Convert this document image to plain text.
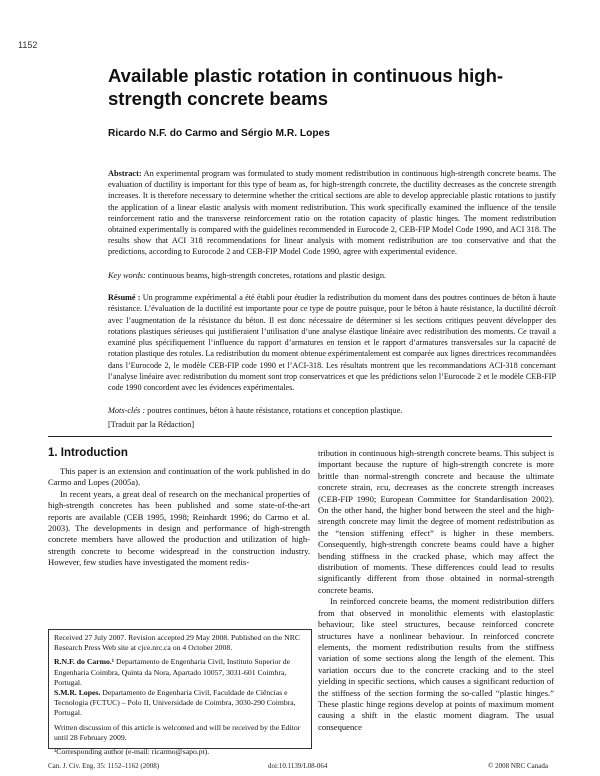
1152
Available plastic rotation in continuous high-strength concrete beams
Ricardo N.F. do Carmo and Sérgio M.R. Lopes
Abstract: An experimental program was formulated to study moment redistribution in continuous high-strength concrete beams. The evaluation of ductility is important for this type of beam as, for high-strength concrete, the ductility decreases as the concrete strength increases. It is therefore necessary to determine whether the critical sections are able to develop appreciable plastic rotations to justify the application of a linear elastic analysis with moment redistribution. This work specifically examined the influence of the tensile reinforcement ratio and the transverse reinforcement ratio on the rotation capacity of plastic hinges. The moment redistribution obtained experimentally is compared with the guidelines recommended in Eurocode 2, CEB-FIP Model Code 1990, and ACI 318. The results show that ACI 318 recommendations for linear analysis with moment redistribution are too conservative and that the predictions, according to Eurocode 2 and CEB-FIP Model Code 1990, agree with experimental evidence.
Key words: continuous beams, high-strength concretes, rotations and plastic design.
Résumé : Un programme expérimental a été établi pour étudier la redistribution du moment dans des poutres continues de béton à haute résistance. L’évaluation de la ductilité est importante pour ce type de poutre puisque, pour le béton à haute résistance, la ductilité décroît avec l’augmentation de la résistance du béton. Il est donc nécessaire de déterminer si les sections critiques peuvent développer des rotations plastiques sérieuses qui justifieraient l’utilisation d’une analyse élastique linéaire avec redistribution des moments. Ce travail a examiné plus spécifiquement l’influence du rapport d’armatures en tension et le rapport d’armatures transversales sur la capacité de rotation plastique des rotules. La redistribution du moment obtenue expérimentalement est comparée aux lignes directrices recommandées dans l’Eurocode 2, le modèle CEB-FIP code 1990 et l’ACI-318. Les résultats montrent que les recommandations ACI-318 concernant l’analyse linéaire avec redistribution du moment sont trop conservatrices et que les prédictions selon l’Eurocode 2 et le modèle CEB-FIP code 1990 concordent avec les évidences expérimentales.
Mots-clés : poutres continues, béton à haute résistance, rotations et conception plastique.
[Traduit par la Rédaction]
1. Introduction

This paper is an extension and continuation of the work published in do Carmo and Lopes (2005a).

In recent years, a great deal of research on the mechanical properties of high-strength concretes has been published and some state-of-the-art reports are available (CEB 1995, 1998; Reinhardt 1996; do Carmo et al. 2003). The developments in design and performance of high-strength concrete members have allowed the production and utilization of high-strength concrete to become widespread in the construction industry. However, few studies have investigated the moment redis-

tribution in continuous high-strength concrete beams. This subject is important because the rupture of high-strength concrete is more brittle than normal-strength concrete and because the ultimate concrete strain, εcu, decreases as the concrete strength increases (CEB-FIP 1990; European Committee for Standardisation 2002). On the other hand, the higher bond between the steel and the high-strength concrete may limit the degree of moment redistribution as the “tension stiffening effect” is higher in these members. Consequently, high-strength concrete beams could have a higher bending stiffness in the cracked phase, which may affect the distribution of moments. These differences could lead to results significantly different from those obtained in normal-strength concrete beams.

In reinforced concrete beams, the moment redistribution differs from that observed in monolithic elements with elastoplastic behaviour, like steel structures, because reinforced concrete structures have a nonlinear behaviour. In reinforced concrete elements, the moment redistribution results from the stiffness variation of some sections along the length of the element. This variation occurs due to the concrete cracking and to the steel yielding in specific sections, which causes a significant reduction of the stiffness of the section forming the so-called “plastic hinges.” These plastic hinge regions develop at points of maximum moment causing a shift in the elastic moment diagram. The usual consequence

Received 27 July 2007. Revision accepted 29 May 2008. Published on the NRC Research Press Web site at cjce.nrc.ca on 4 October 2008.

R.N.F. do Carmo.¹ Departamento de Engenharia Civil, Instituto Superior de Engenharia Coimbra, Quinta da Nora, Apartado 10057, 3031-601 Coimbra, Portugal.
S.M.R. Lopes. Departamento de Engenharia Civil, Faculdade de Ciências e Tecnologia (FCTUC) – Polo II, Universidade de Coimbra, 3030-290 Coimbra, Portugal.

Written discussion of this article is welcomed and will be received by the Editor until 28 February 2009.

¹Corresponding author (e-mail: ricarmo@sapo.pt).

Can. J. Civ. Eng. 35: 1152–1162 (2008)	doi:10.1139/L08-064	© 2008 NRC Canada
